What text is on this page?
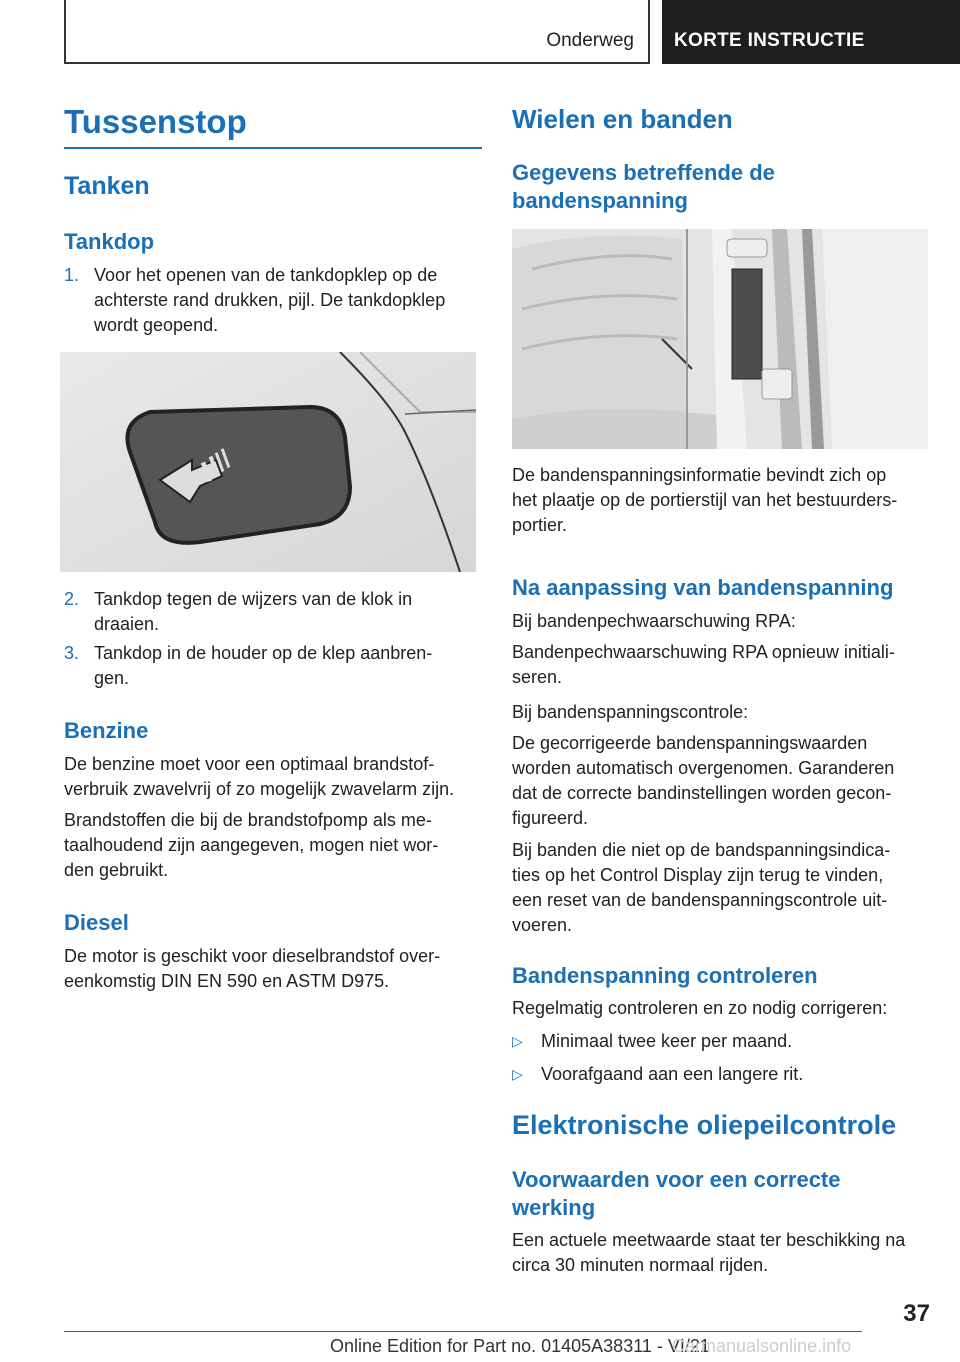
Onderweg KORTE INSTRUCTIE
Tussenstop
Tanken
Tankdop
1. Voor het openen van de tankdopklep op de
achterste rand drukken, pijl. De tankdopklep
wordt geopend.
2. Tankdop tegen de wijzers van de klok in
draaien.
3. Tankdop in de houder op de klep aanbren-
gen.
Benzine
De benzine moet voor een optimaal brandstof-
verbruik zwavelvrij of zo mogelijk zwavelarm zijn.
Brandstoffen die bij de brandstofpomp als me-
taalhoudend zijn aangegeven, mogen niet wor-
den gebruikt.
Diesel
De motor is geschikt voor dieselbrandstof over-
eenkomstig DIN EN 590 en ASTM D975.
Wielen en banden
Gegevens betreffende de
bandenspanning
De bandenspanningsinformatie bevindt zich op
het plaatje op de portierstijl van het bestuurders-
portier.
Na aanpassing van bandenspanning
Bij bandenpechwaarschuwing RPA:
Bandenpechwaarschuwing RPA opnieuw initiali-
seren.
Bij bandenspanningscontrole:
De gecorrigeerde bandenspanningswaarden
worden automatisch overgenomen. Garanderen
dat de correcte bandinstellingen worden gecon-
figureerd.
Bij banden die niet op de bandspanningsindica-
ties op het Control Display zijn terug te vinden,
een reset van de bandenspanningscontrole uit-
voeren.
Bandenspanning controleren
Regelmatig controleren en zo nodig corrigeren:
▷ Minimaal twee keer per maand.
▷ Voorafgaand aan een langere rit.
Elektronische oliepeilcontrole
Voorwaarden voor een correcte
werking
Een actuele meetwaarde staat ter beschikking na
circa 30 minuten normaal rijden.
37
Online Edition for Part no. 01405A38311 - VI/21
Carmanualsonline.info
